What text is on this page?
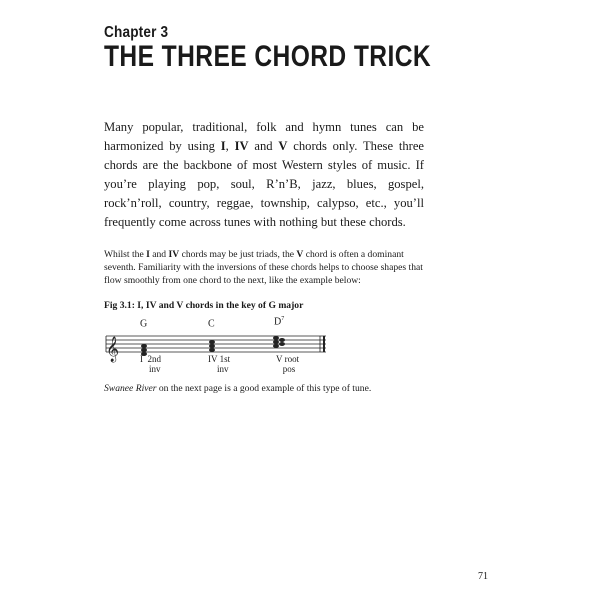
Chapter 3
THE THREE CHORD TRICK

Many popular, traditional, folk and hymn tunes can be harmonized by using I, IV and V chords only. These three chords are the backbone of most Western styles of music. If you’re playing pop, soul, R’n’B, jazz, blues, gospel, rock’n’roll, country, reggae, township, calypso, etc., you’ll frequently come across tunes with nothing but these chords.

Whilst the I and IV chords may be just triads, the V chord is often a dominant seventh. Familiarity with the inversions of these chords helps to choose shapes that flow smoothly from one chord to the next, like the example below:

Fig 3.1: I, IV and V chords in the key of G major
G	C	$D^7$
𝄞 I  2nd
inv
IV 1st
inv
V root
pos
Swanee River on the next page is a good example of this type of tune.
71
